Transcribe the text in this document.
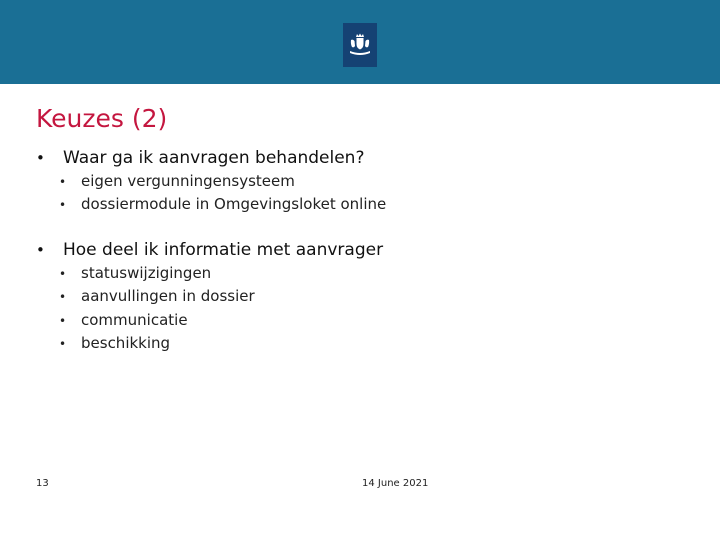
Keuzes (2)
• Waar ga ik aanvragen behandelen?
• eigen vergunningensysteem
• dossiermodule in Omgevingsloket online
• Hoe deel ik informatie met aanvrager
• statuswijzigingen
• aanvullingen in dossier
• communicatie
• beschikking
13	14 June 2021
